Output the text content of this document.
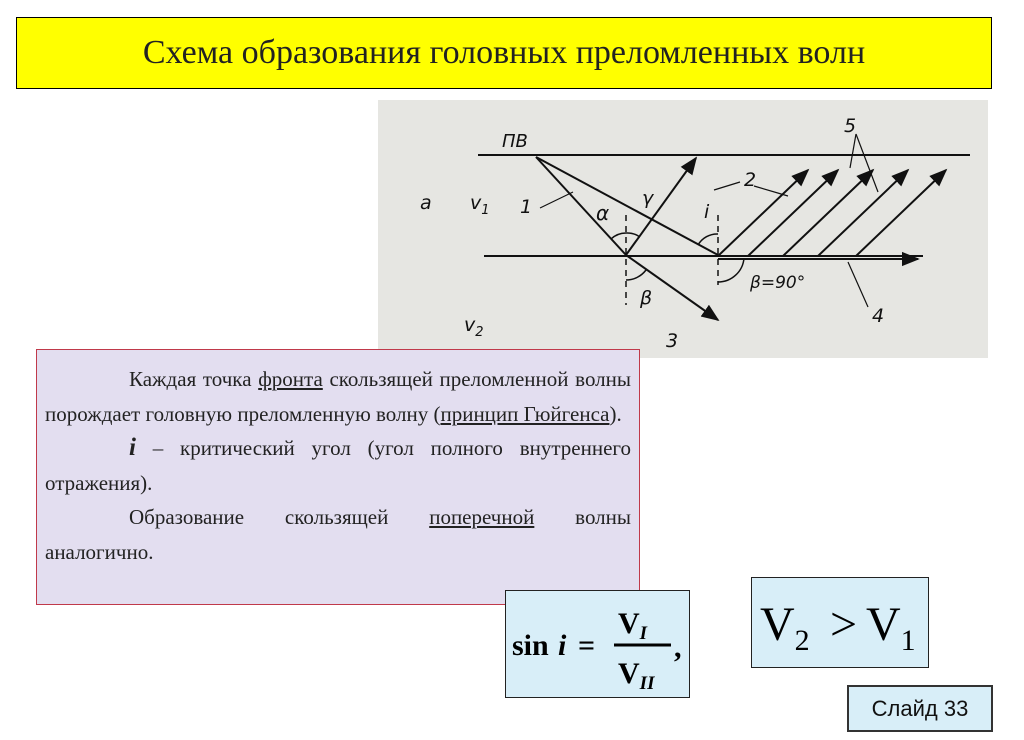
Схема образования головных преломленных волн
ПВ
a $v_1$
$v_2$
1
2
3
4
5
α
γ
i
β
β=90°

Каждая точка фронта скользящей преломленной волны порождает головную преломленную волну (принцип Гюйгенса).

i – критический угол (угол полного внутреннего отражения).

Образование скользящей поперечной волны аналогично.

sin i =
$V_I$
$V_{II}$
, $V_2 > V_1$
Слайд 33
